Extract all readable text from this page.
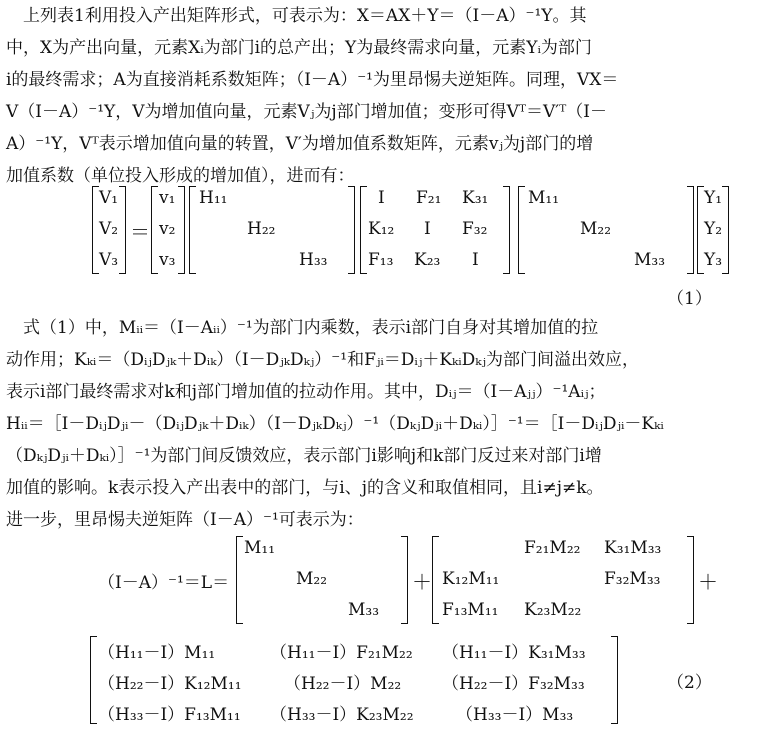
　上列表1利用投入产出矩阵形式，可表示为：X＝AX＋Y＝（I－A）⁻¹Y。其
中，X为产出向量，元素Xᵢ为部门i的总产出；Y为最终需求向量，元素Yᵢ为部门
i的最终需求；A为直接消耗系数矩阵；（I－A）⁻¹为里昂惕夫逆矩阵。同理，VX＝
V（I－A）⁻¹Y，V为增加值向量，元素Vⱼ为j部门增加值；变形可得Vᵀ＝V′ᵀ（I－
A）⁻¹Y，Vᵀ表示增加值向量的转置，V′为增加值系数矩阵，元素vⱼ为j部门的增
加值系数（单位投入形成的增加值），进而有：
V₁
V₂
V₃
＝
v₁
v₂
v₃
H₁₁
H₂₂
H₃₃
I F₂₁ K₃₁
K₁₂ I F₃₂
F₁₃ K₂₃ I
M₁₁
M₂₂
M₃₃
Y₁
Y₂
Y₃
（1）
　式（1）中，Mᵢᵢ＝（I－Aᵢᵢ）⁻¹为部门内乘数，表示i部门自身对其增加值的拉
动作用；Kₖᵢ＝（DᵢⱼDⱼₖ＋Dᵢₖ）（I－DⱼₖDₖⱼ）⁻¹和Fⱼᵢ＝Dᵢⱼ＋KₖᵢDₖⱼ为部门间溢出效应，
表示i部门最终需求对k和j部门增加值的拉动作用。其中，Dᵢⱼ＝（I－Aⱼⱼ）⁻¹Aᵢⱼ；
Hᵢᵢ＝［I－DᵢⱼDⱼᵢ－（DᵢⱼDⱼₖ＋Dᵢₖ）（I－DⱼₖDₖⱼ）⁻¹（DₖⱼDⱼᵢ＋Dₖᵢ）］⁻¹＝［I－DᵢⱼDⱼᵢ－Kₖᵢ
（DₖⱼDⱼᵢ＋Dₖᵢ）］⁻¹为部门间反馈效应，表示部门i影响j和k部门反过来对部门i增
加值的影响。k表示投入产出表中的部门，与i、j的含义和取值相同，且i≠j≠k。
进一步，里昂惕夫逆矩阵（I－A）⁻¹可表示为：
（I－A）⁻¹＝L＝
M₁₁
M₂₂
M₃₃
＋
F₂₁M₂₂ K₃₁M₃₃
K₁₂M₁₁	F₃₂M₃₃
F₁₃M₁₁ K₂₃M₂₂
＋
（H₁₁－I）M₁₁	（H₁₁－I）F₂₁M₂₂ （H₁₁－I）K₃₁M₃₃
（H₂₂－I）K₁₂M₁₁ （H₂₂－I）M₂₂ （H₂₂－I）F₃₂M₃₃
（H₃₃－I）F₁₃M₁₁ （H₃₃－I）K₂₃M₂₂ （H₃₃－I）M₃₃
（2）
